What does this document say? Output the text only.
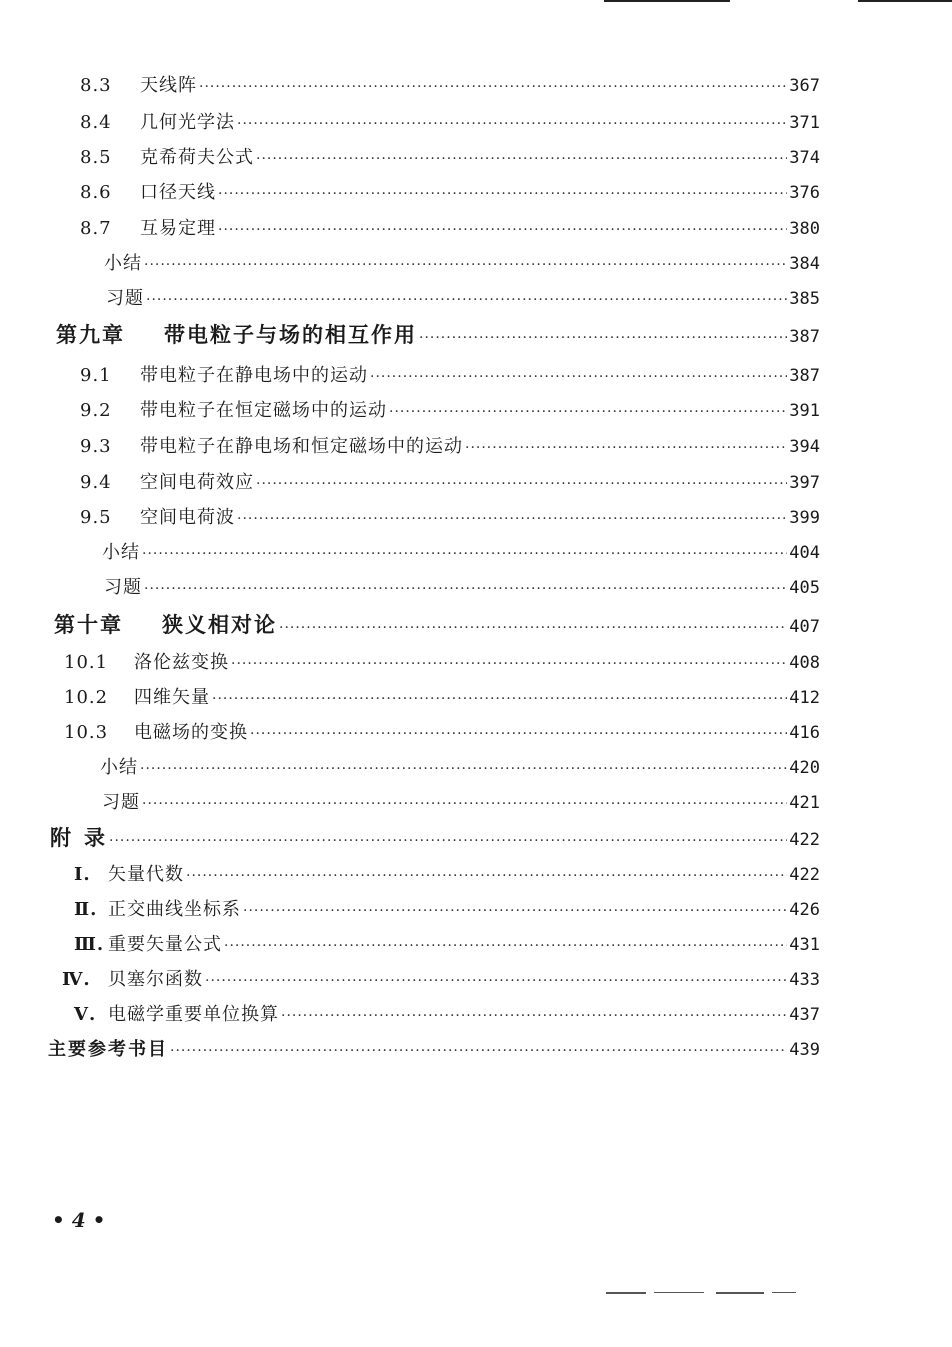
8.3	天线阵 ·····	367
8.4	几何光学法 ·····	371
8.5	克希荷夫公式 ·····	374
8.6	口径天线 ·····	376
8.7	互易定理 ·····	380
小结 ·····	384
习题 ·····	385
第九章	带电粒子与场的相互作用 ·····	387
9.1	带电粒子在静电场中的运动 ·····	387
9.2	带电粒子在恒定磁场中的运动 ·····	391
9.3	带电粒子在静电场和恒定磁场中的运动 ·····	394
9.4	空间电荷效应 ·····	397
9.5	空间电荷波 ·····	399
小结 ·····	404
习题 ·····	405
第十章	狭义相对论 ·····	407
10.1	洛伦兹变换 ·····	408
10.2	四维矢量 ·····	412
10.3	电磁场的变换 ·····	416
小结 ·····	420
习题 ·····	421
附 录 ·····	422
I. 矢量代数 ·····	422
Ⅱ. 正交曲线坐标系 ·····	426
Ⅲ. 重要矢量公式 ·····	431
Ⅳ. 贝塞尔函数 ·····	433
Ⅴ. 电磁学重要单位换算 ·····	437
主要参考书目 ·····	439
• 4 •
